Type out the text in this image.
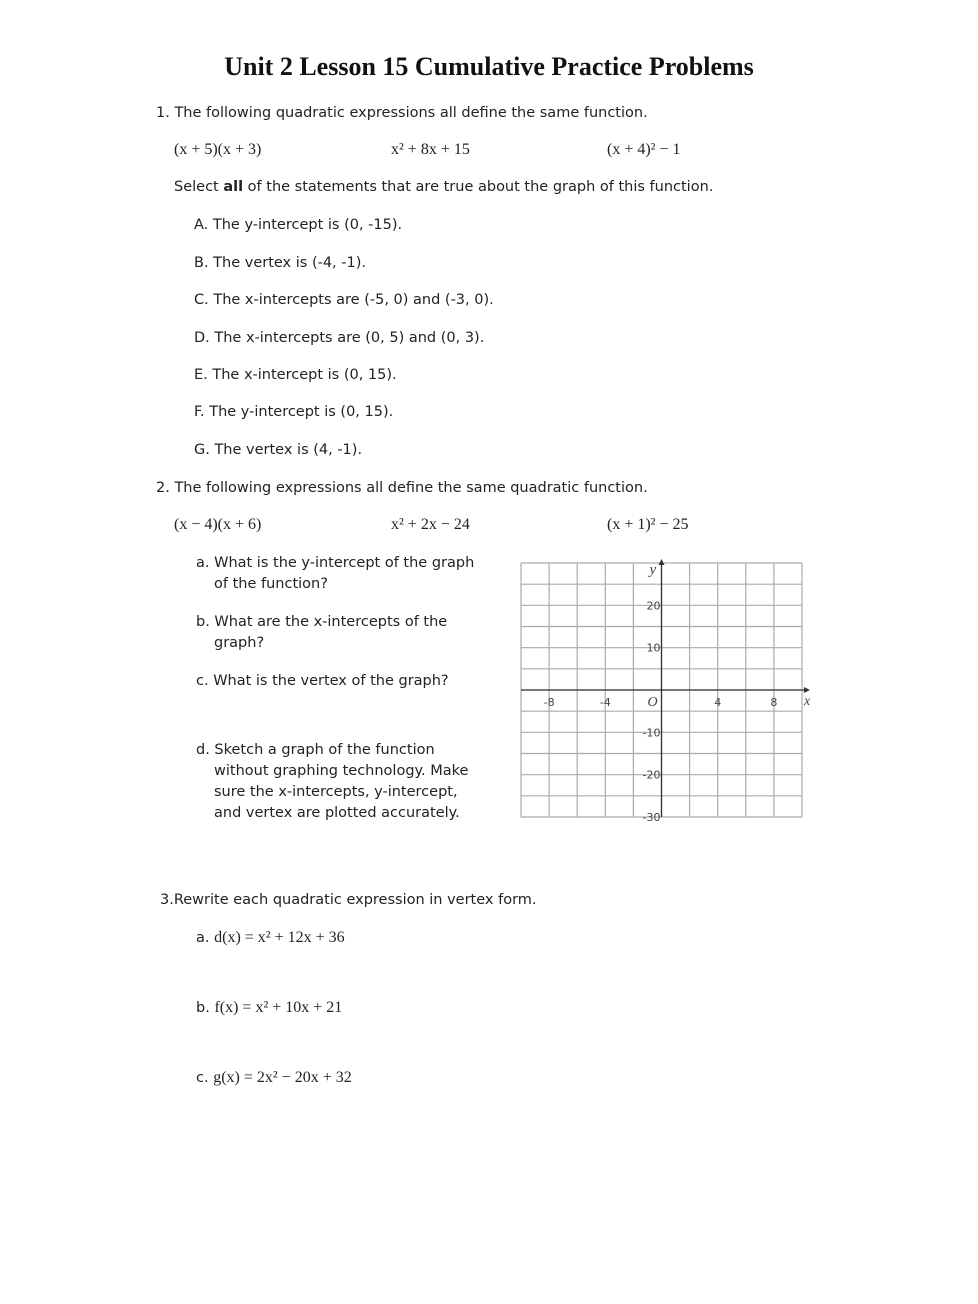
Unit 2 Lesson 15 Cumulative Practice Problems
1. The following quadratic expressions all define the same function.
(x + 5)(x + 3)	x² + 8x + 15	(x + 4)² − 1
Select all of the statements that are true about the graph of this function.
A. The y-intercept is (0, -15).
B. The vertex is (-4, -1).
C. The x-intercepts are (-5, 0) and (-3, 0).
D. The x-intercepts are (0, 5) and (0, 3).
E. The x-intercept is (0, 15).
F. The y-intercept is (0, 15).
G. The vertex is (4, -1).
2. The following expressions all define the same quadratic function.
(x − 4)(x + 6)	x² + 2x − 24	(x + 1)² − 25
a. What is the y-intercept of the graph
of the function?
b. What are the x-intercepts of the
graph?
c. What is the vertex of the graph?
d. Sketch a graph of the function
without graphing technology. Make
sure the x-intercepts, y-intercept,
and vertex are plotted accurately.
-8	-4	4	8
20
10
-10
-20
-30
x
y
O
3.Rewrite each quadratic expression in vertex form.
a. d(x) = x² + 12x + 36
b. f(x) = x² + 10x + 21
c. g(x) = 2x² − 20x + 32
